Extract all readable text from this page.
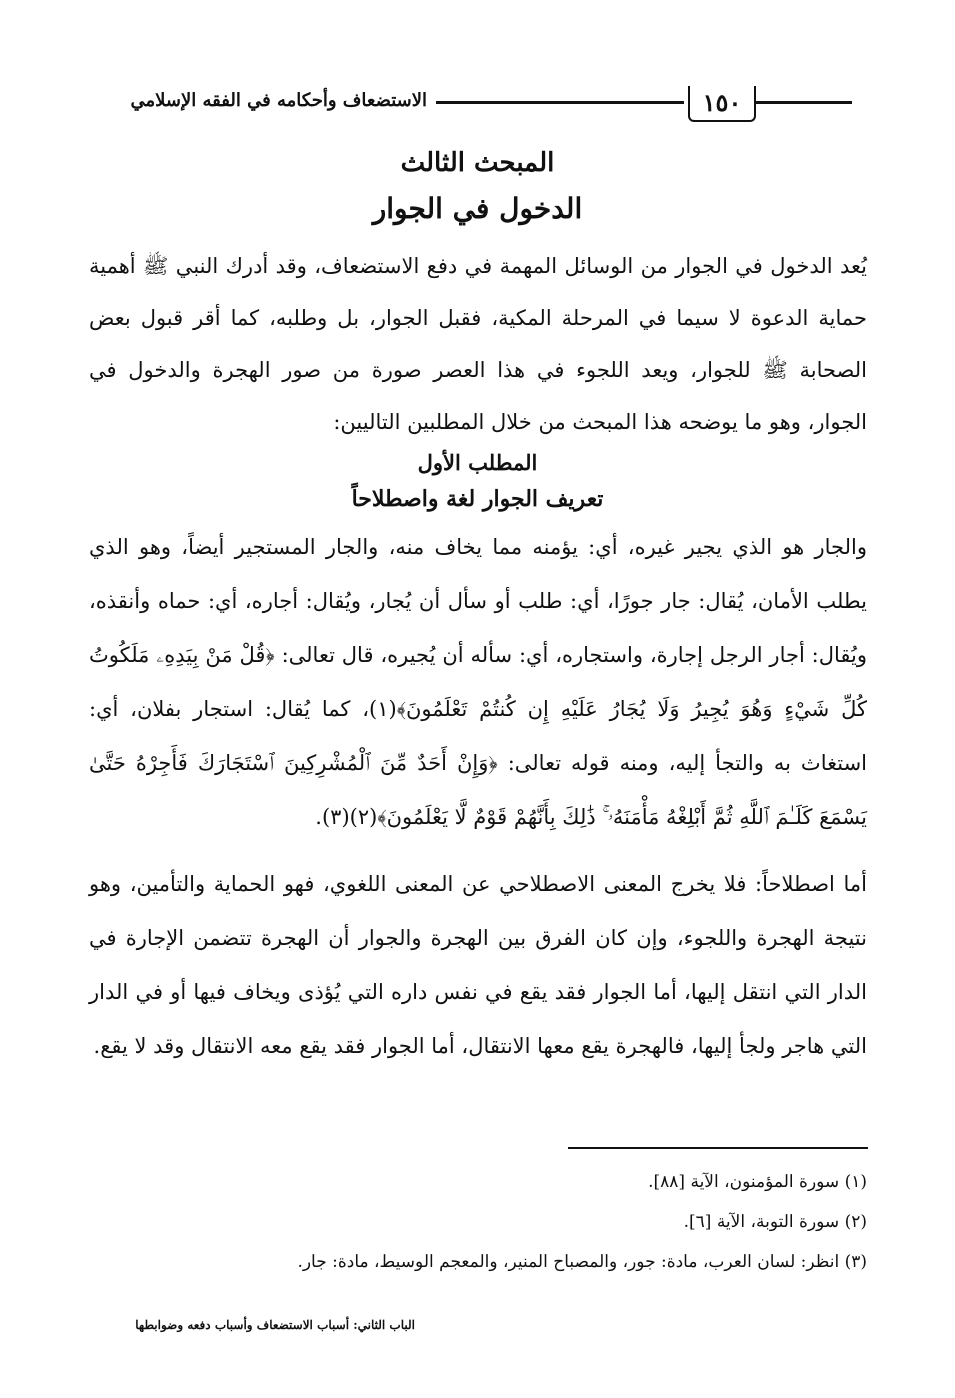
١٥٠
الاستضعاف وأحكامه في الفقه الإسلامي
المبحث الثالث
الدخول في الجوار
يُعد الدخول في الجوار من الوسائل المهمة في دفع الاستضعاف، وقد أدرك النبي ﷺ أهمية حماية الدعوة لا سيما في المرحلة المكية، فقبل الجوار، بل وطلبه، كما أقر قبول بعض الصحابة ﷺ للجوار، ويعد اللجوء في هذا العصر صورة من صور الهجرة والدخول في الجوار، وهو ما يوضحه هذا المبحث من خلال المطلبين التاليين:
المطلب الأول
تعريف الجوار لغة واصطلاحاً
والجار هو الذي يجير غيره، أي: يؤمنه مما يخاف منه، والجار المستجير أيضاً، وهو الذي يطلب الأمان، يُقال: جار جورًا، أي: طلب أو سأل أن يُجار، ويُقال: أجاره، أي: حماه وأنقذه، ويُقال: أجار الرجل إجارة، واستجاره، أي: سأله أن يُجيره، قال تعالى: ﴿قُلْ مَنْ بِيَدِهِۦ مَلَكُوتُ كُلِّ شَيْءٍ وَهُوَ يُجِيرُ وَلَا يُجَارُ عَلَيْهِ إِن كُنتُمْ تَعْلَمُونَ﴾(١)، كما يُقال: استجار بفلان، أي: استغاث به والتجأ إليه، ومنه قوله تعالى: ﴿وَإِنْ أَحَدٌ مِّنَ ٱلْمُشْرِكِينَ ٱسْتَجَارَكَ فَأَجِرْهُ حَتَّىٰ يَسْمَعَ كَلَـٰمَ ٱللَّهِ ثُمَّ أَبْلِغْهُ مَأْمَنَهُۥ ۚ ذَٰلِكَ بِأَنَّهُمْ قَوْمٌ لَّا يَعْلَمُونَ﴾(٢)(٣).
أما اصطلاحاً: فلا يخرج المعنى الاصطلاحي عن المعنى اللغوي، فهو الحماية والتأمين، وهو نتيجة الهجرة واللجوء، وإن كان الفرق بين الهجرة والجوار أن الهجرة تتضمن الإجارة في الدار التي انتقل إليها، أما الجوار فقد يقع في نفس داره التي يُؤذى ويخاف فيها أو في الدار التي هاجر ولجأ إليها، فالهجرة يقع معها الانتقال، أما الجوار فقد يقع معه الانتقال وقد لا يقع.
(١) سورة المؤمنون، الآية [٨٨].
(٢) سورة التوبة، الآية [٦].
(٣) انظر: لسان العرب، مادة: جور، والمصباح المنير، والمعجم الوسيط، مادة: جار.
الباب الثاني: أسباب الاستضعاف وأسباب دفعه وضوابطها
